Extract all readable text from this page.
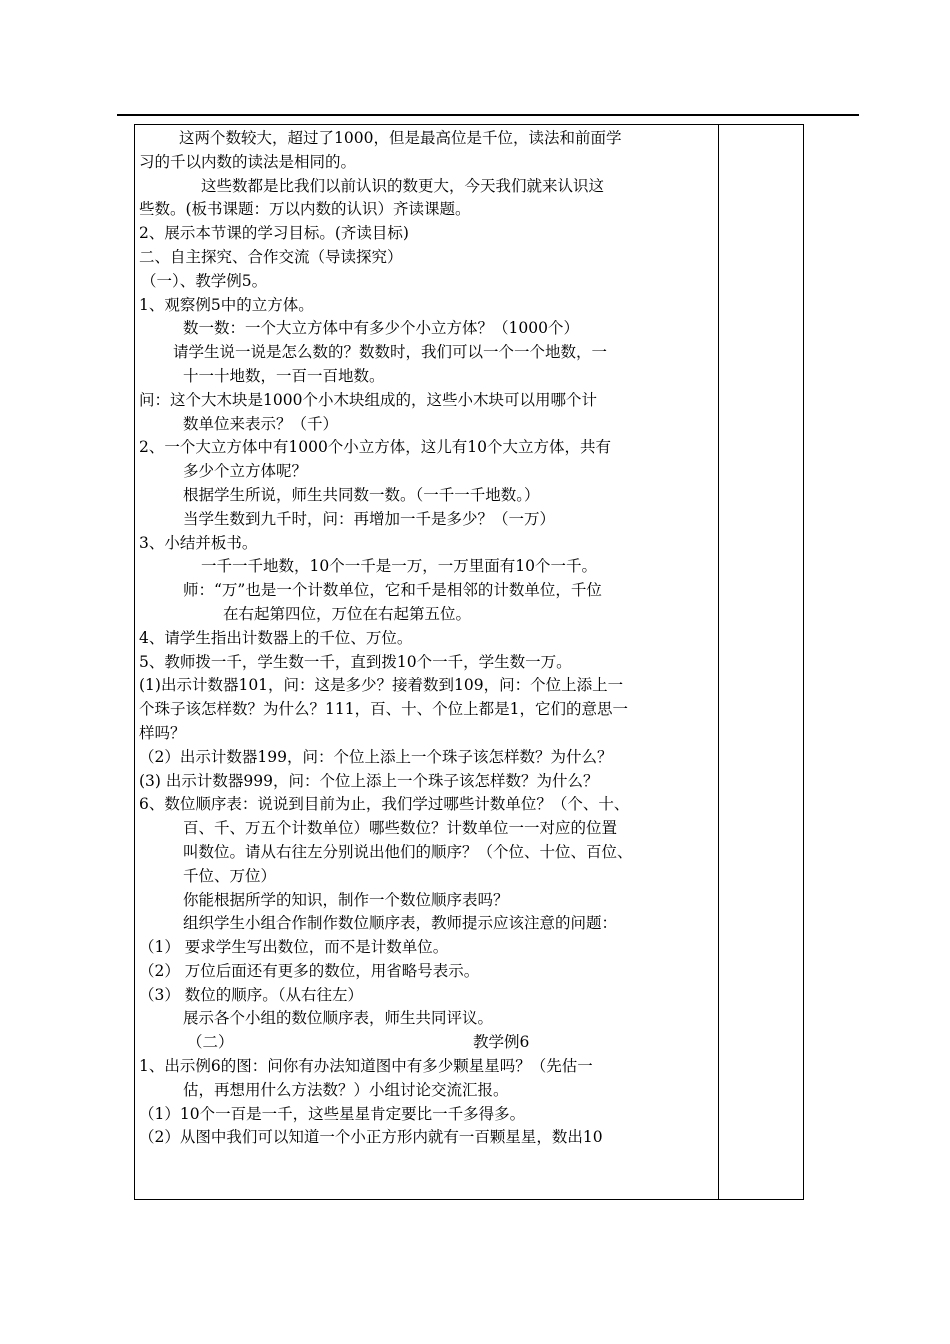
这两个数较大，超过了1000，但是最高位是千位，读法和前面学
习的千以内数的读法是相同的。
这些数都是比我们以前认识的数更大，今天我们就来认识这
些数。(板书课题：万以内数的认识）齐读课题。
2、展示本节课的学习目标。(齐读目标)
二、自主探究、合作交流（导读探究）
（一）、教学例5。
1、观察例5中的立方体。
数一数：一个大立方体中有多少个小立方体？（1000个）
请学生说一说是怎么数的？数数时，我们可以一个一个地数，一
十一十地数，一百一百地数。
问：这个大木块是1000个小木块组成的，这些小木块可以用哪个计
数单位来表示？（千）
2、一个大立方体中有1000个小立方体，这儿有10个大立方体，共有
多少个立方体呢？
根据学生所说，师生共同数一数。（一千一千地数。）
当学生数到九千时，问：再增加一千是多少？（一万）
3、小结并板书。
一千一千地数，10个一千是一万，一万里面有10个一千。
师：“万”也是一个计数单位，它和千是相邻的计数单位，千位
在右起第四位，万位在右起第五位。
4、请学生指出计数器上的千位、万位。
5、教师拨一千，学生数一千，直到拨10个一千，学生数一万。
(1)出示计数器101，问：这是多少？接着数到109，问：个位上添上一
个珠子该怎样数？为什么？111，百、十、个位上都是1，它们的意思一
样吗？
（2）出示计数器199，问：个位上添上一个珠子该怎样数？为什么？
(3) 出示计数器999，问：个位上添上一个珠子该怎样数？为什么？
6、数位顺序表：说说到目前为止，我们学过哪些计数单位？（个、十、
百、千、万五个计数单位）哪些数位？计数单位一一对应的位置
叫数位。请从右往左分别说出他们的顺序？（个位、十位、百位、
千位、万位）
你能根据所学的知识，制作一个数位顺序表吗？
组织学生小组合作制作数位顺序表，教师提示应该注意的问题：
（1） 要求学生写出数位，而不是计数单位。
（2） 万位后面还有更多的数位，用省略号表示。
（3） 数位的顺序。（从右往左）
展示各个小组的数位顺序表，师生共同评议。
（二）	教学例6
1、出示例6的图：问你有办法知道图中有多少颗星星吗？（先估一
估，再想用什么方法数？）小组讨论交流汇报。
（1）10个一百是一千，这些星星肯定要比一千多得多。
（2）从图中我们可以知道一个小正方形内就有一百颗星星，数出10
